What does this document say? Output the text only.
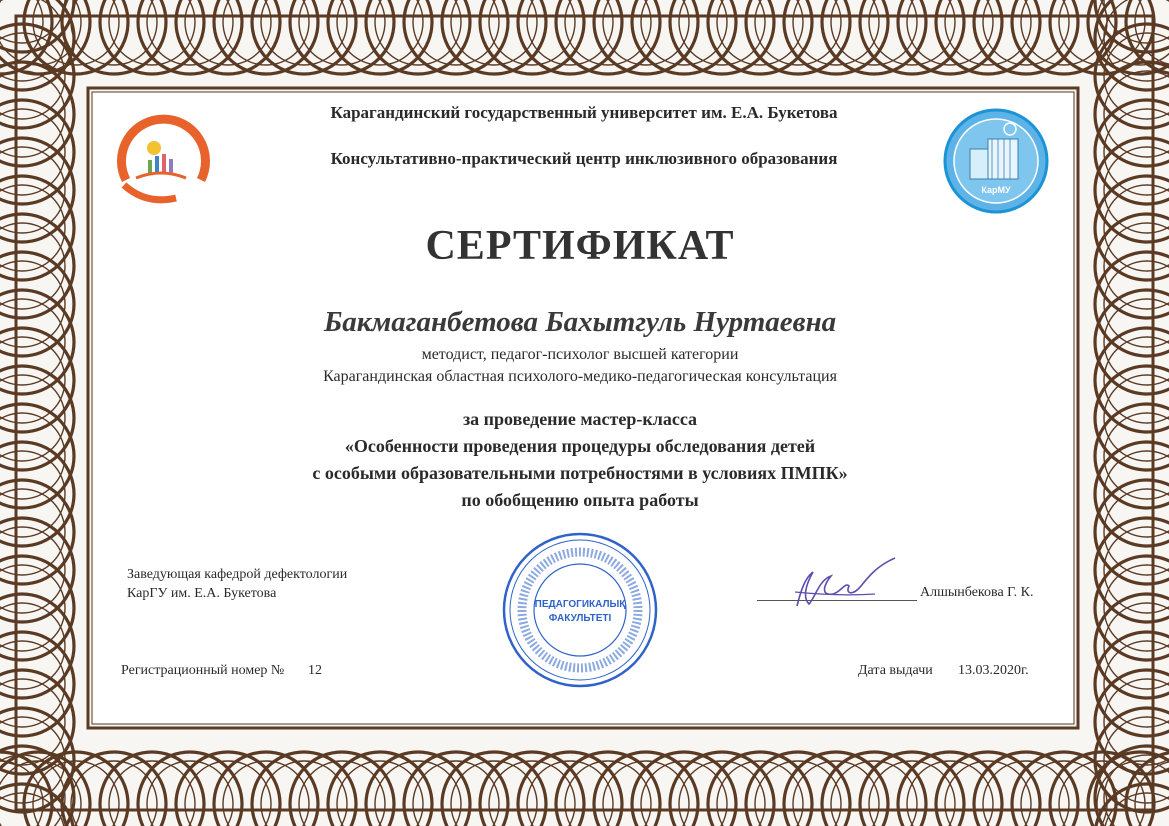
КарМУ
Карагандинский государственный университет им. Е.А. Букетова
Консультативно-практический центр инклюзивного образования
СЕРТИФИКАТ
Бакмаганбетова Бахытгуль Нуртаевна
методист, педагог-психолог высшей категории
Карагандинская областная психолого-медико-педагогическая консультация
за проведение мастер-класса
«Особенности проведения процедуры обследования детей
с особыми образовательными потребностями в условиях ПМПК»
по обобщению опыта работы
Заведующая кафедрой дефектологии
КарГУ им. Е.А. Букетова
ПЕДАГОГИКАЛЫҚ
ФАКУЛЬТЕТІ
Алшынбекова Г. К.
Регистрационный номер № 12	Дата выдачи 13.03.2020г.
